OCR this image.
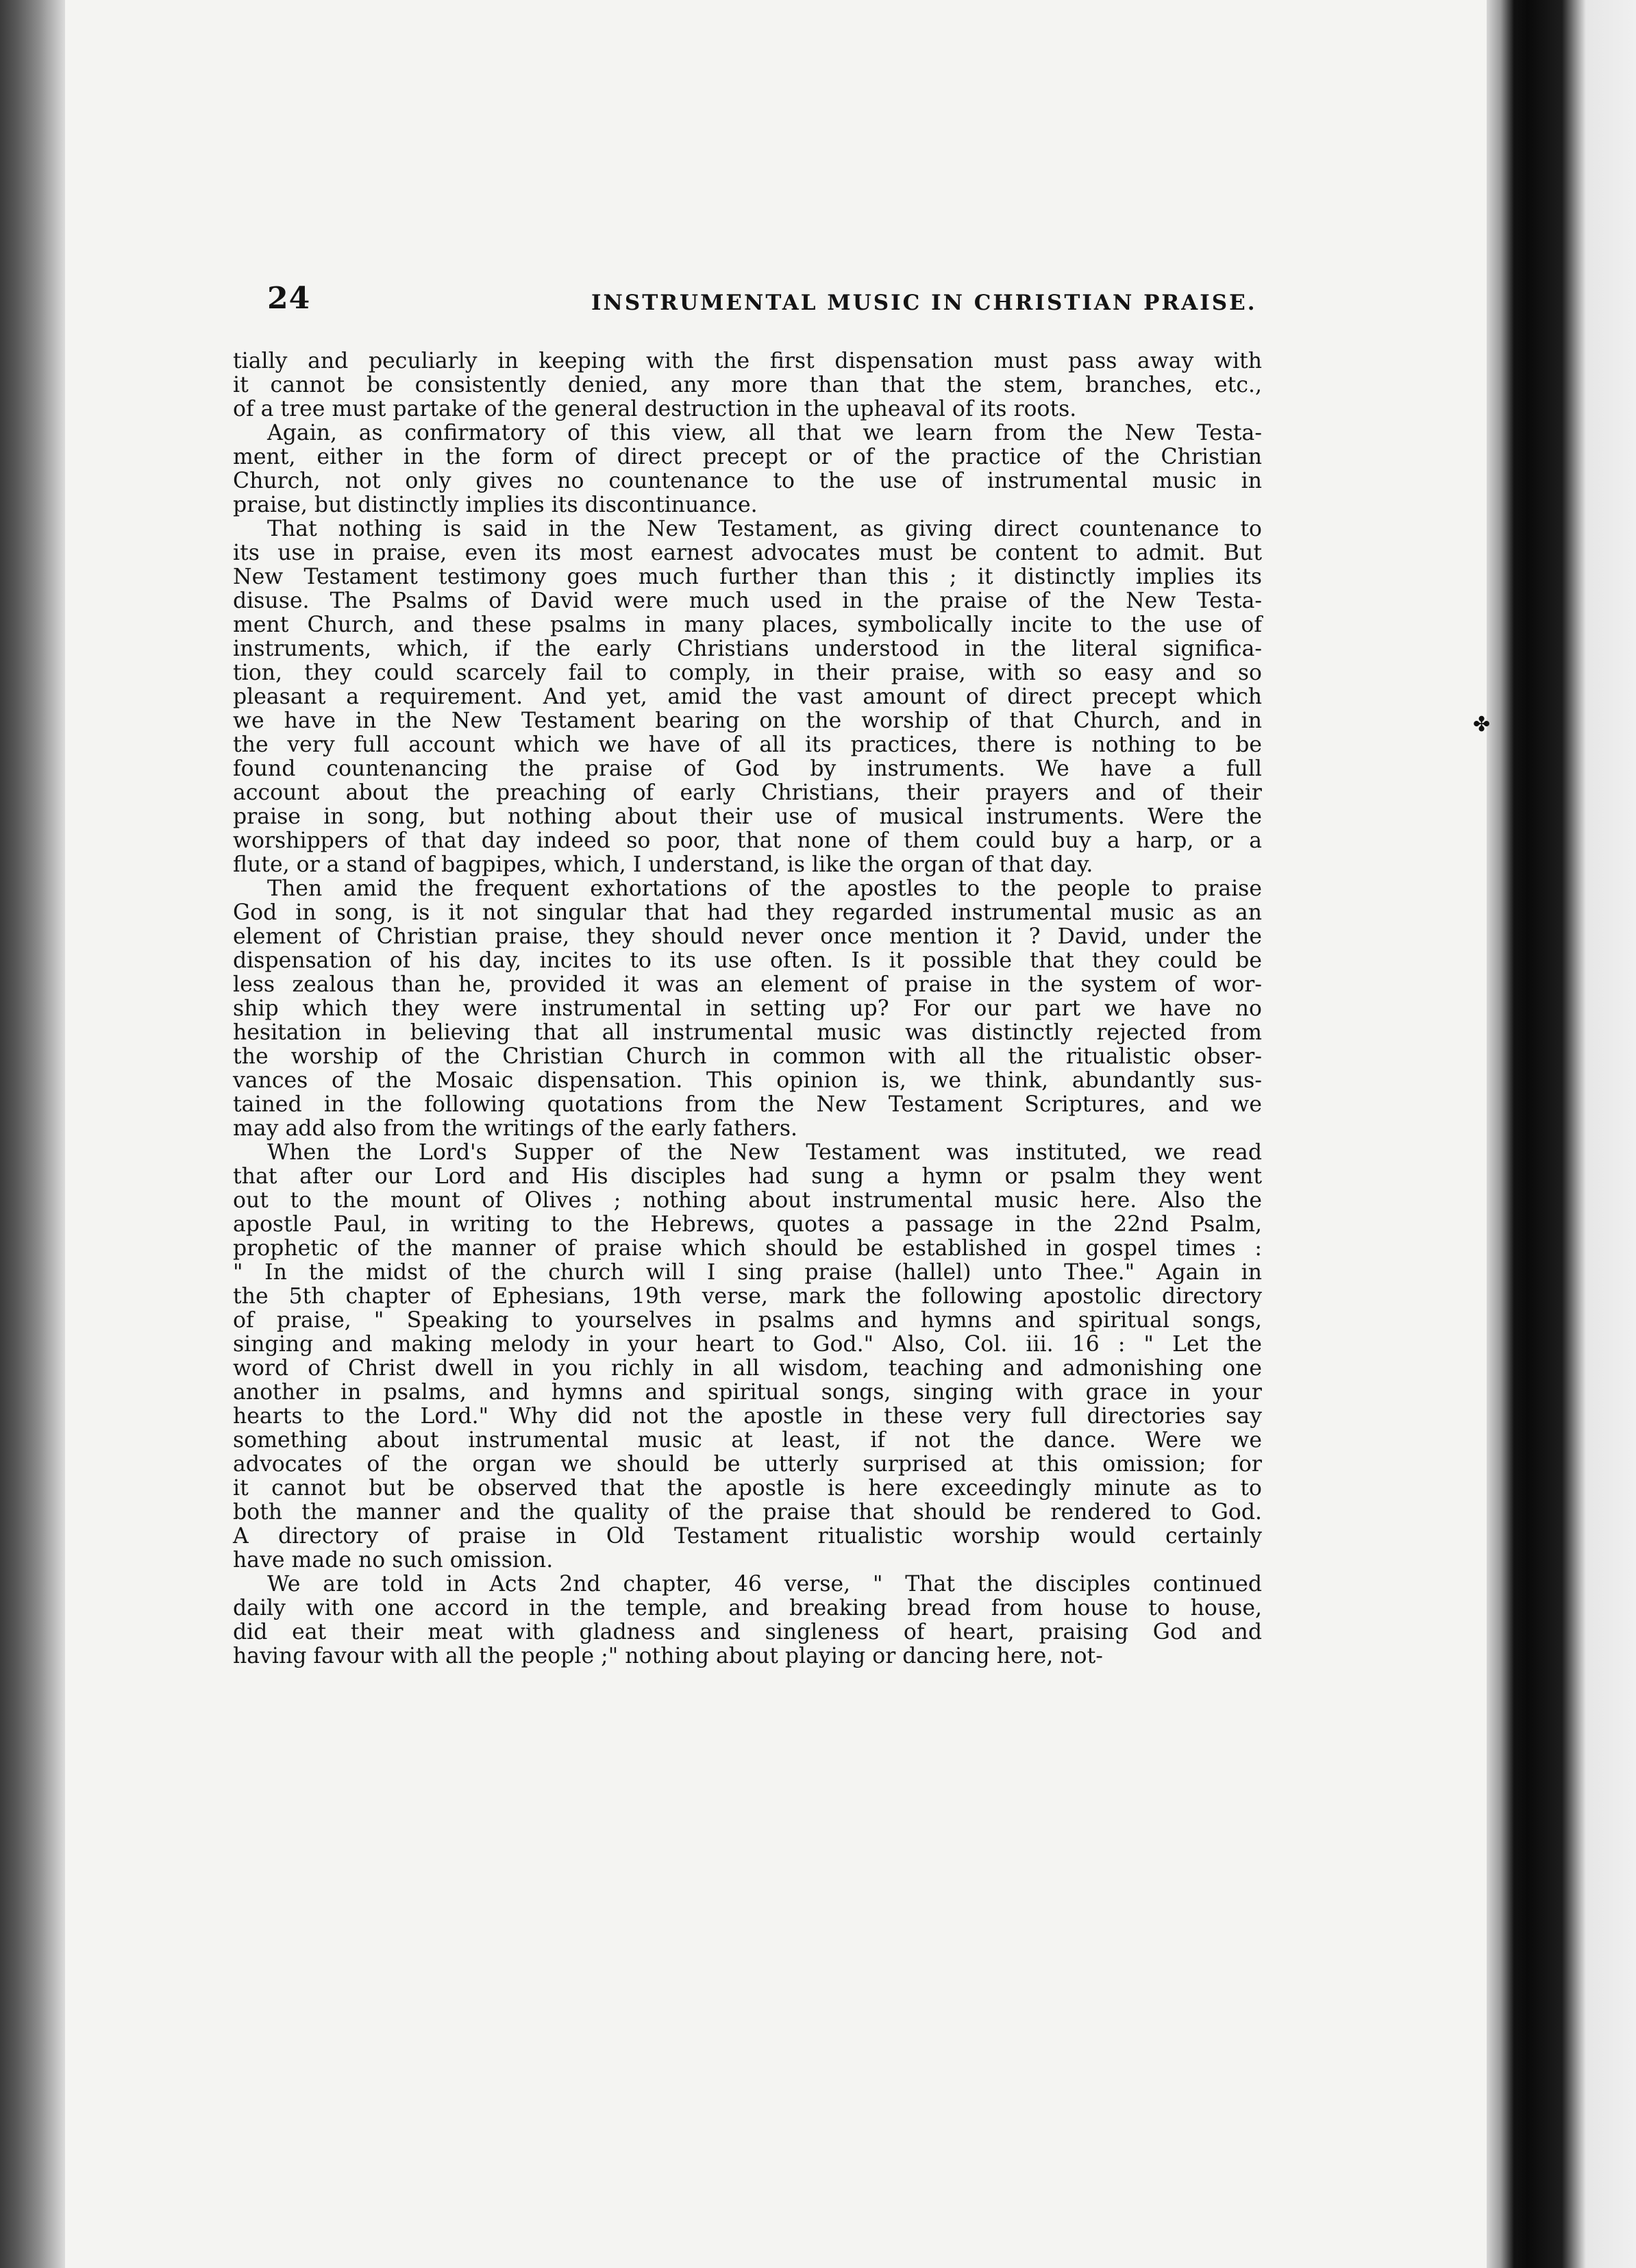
24	INSTRUMENTAL MUSIC IN CHRISTIAN PRAISE.
tially and peculiarly in keeping with the first dispensation must pass away with
it cannot be consistently denied, any more than that the stem, branches, etc.,
of a tree must partake of the general destruction in the upheaval of its roots.
Again, as confirmatory of this view, all that we learn from the New Testa-
ment, either in the form of direct precept or of the practice of the Christian
Church, not only gives no countenance to the use of instrumental music in
praise, but distinctly implies its discontinuance.
That nothing is said in the New Testament, as giving direct countenance to
its use in praise, even its most earnest advocates must be content to admit. But
New Testament testimony goes much further than this ; it distinctly implies its
disuse. The Psalms of David were much used in the praise of the New Testa-
ment Church, and these psalms in many places, symbolically incite to the use of
instruments, which, if the early Christians understood in the literal significa-
tion, they could scarcely fail to comply, in their praise, with so easy and so
pleasant a requirement. And yet, amid the vast amount of direct precept which
we have in the New Testament bearing on the worship of that Church, and in
the very full account which we have of all its practices, there is nothing to be
found countenancing the praise of God by instruments. We have a full
account about the preaching of early Christians, their prayers and of their
praise in song, but nothing about their use of musical instruments. Were the
worshippers of that day indeed so poor, that none of them could buy a harp, or a
flute, or a stand of bagpipes, which, I understand, is like the organ of that day.
Then amid the frequent exhortations of the apostles to the people to praise
God in song, is it not singular that had they regarded instrumental music as an
element of Christian praise, they should never once mention it ? David, under the
dispensation of his day, incites to its use often. Is it possible that they could be
less zealous than he, provided it was an element of praise in the system of wor-
ship which they were instrumental in setting up? For our part we have no
hesitation in believing that all instrumental music was distinctly rejected from
the worship of the Christian Church in common with all the ritualistic obser-
vances of the Mosaic dispensation. This opinion is, we think, abundantly sus-
tained in the following quotations from the New Testament Scriptures, and we
may add also from the writings of the early fathers.
When the Lord's Supper of the New Testament was instituted, we read
that after our Lord and His disciples had sung a hymn or psalm they went
out to the mount of Olives ; nothing about instrumental music here. Also the
apostle Paul, in writing to the Hebrews, quotes a passage in the 22nd Psalm,
prophetic of the manner of praise which should be established in gospel times :
" In the midst of the church will I sing praise (hallel) unto Thee." Again in
the 5th chapter of Ephesians, 19th verse, mark the following apostolic directory
of praise, " Speaking to yourselves in psalms and hymns and spiritual songs,
singing and making melody in your heart to God." Also, Col. iii. 16 : " Let the
word of Christ dwell in you richly in all wisdom, teaching and admonishing one
another in psalms, and hymns and spiritual songs, singing with grace in your
hearts to the Lord." Why did not the apostle in these very full directories say
something about instrumental music at least, if not the dance. Were we
advocates of the organ we should be utterly surprised at this omission; for
it cannot but be observed that the apostle is here exceedingly minute as to
both the manner and the quality of the praise that should be rendered to God.
A directory of praise in Old Testament ritualistic worship would certainly
have made no such omission.
We are told in Acts 2nd chapter, 46 verse, " That the disciples continued
daily with one accord in the temple, and breaking bread from house to house,
did eat their meat with gladness and singleness of heart, praising God and
having favour with all the people ;" nothing about playing or dancing here, not-
✤
